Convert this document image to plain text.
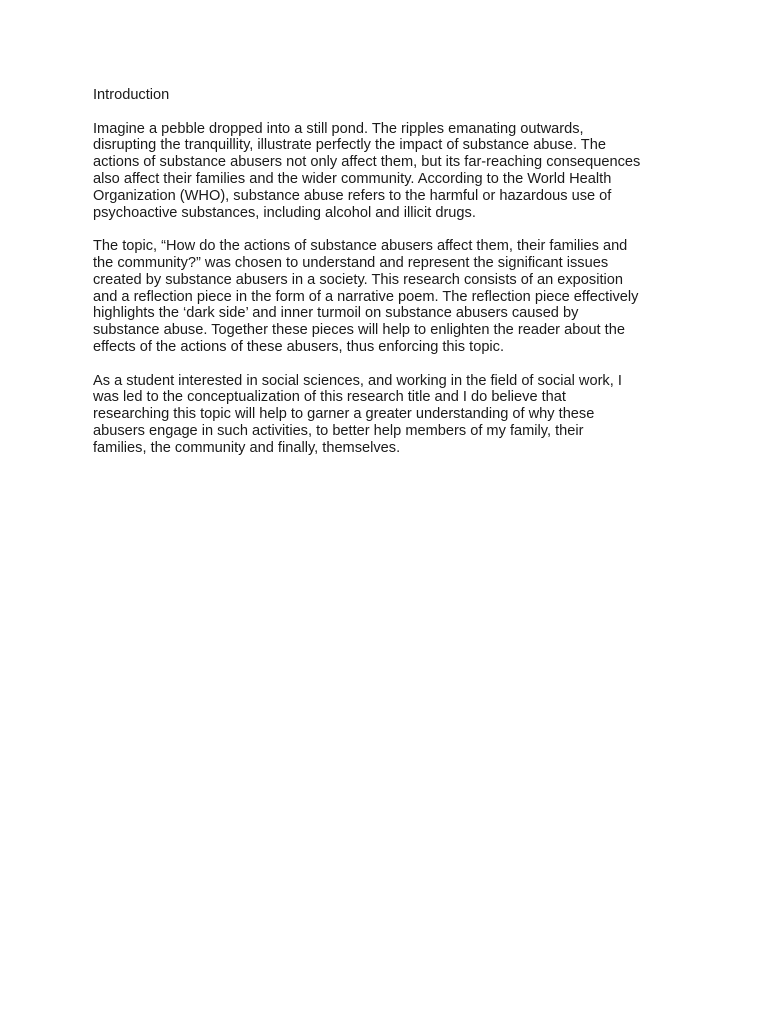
Introduction
Imagine a pebble dropped into a still pond. The ripples emanating outwards,
disrupting the tranquillity, illustrate perfectly the impact of substance abuse. The
actions of substance abusers not only affect them, but its far-reaching consequences
also affect their families and the wider community. According to the World Health
Organization (WHO), substance abuse refers to the harmful or hazardous use of
psychoactive substances, including alcohol and illicit drugs.
The topic, “How do the actions of substance abusers affect them, their families and
the community?” was chosen to understand and represent the significant issues
created by substance abusers in a society. This research consists of an exposition
and a reflection piece in the form of a narrative poem. The reflection piece effectively
highlights the ‘dark side’ and inner turmoil on substance abusers caused by
substance abuse. Together these pieces will help to enlighten the reader about the
effects of the actions of these abusers, thus enforcing this topic.
As a student interested in social sciences, and working in the field of social work, I
was led to the conceptualization of this research title and I do believe that
researching this topic will help to garner a greater understanding of why these
abusers engage in such activities, to better help members of my family, their
families, the community and finally, themselves.
